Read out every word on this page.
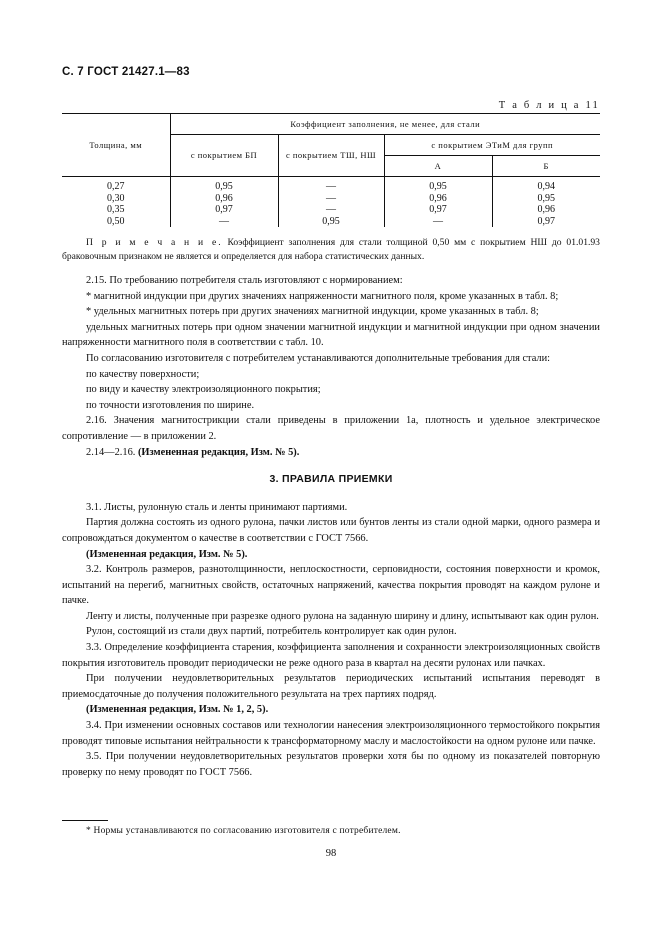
С. 7 ГОСТ 21427.1—83
Т а б л и ц а 11
Толщина, мм	Коэффициент заполнения, не менее, для стали			
	с покрытием БП	с покрытием ТШ, НШ	с покрытием ЭТиМ для групп	
			А	Б
0,27	0,95	—	0,95	0,94
0,30	0,96	—	0,96	0,95
0,35	0,97	—	0,97	0,96
0,50	—	0,95	—	0,97

П р и м е ч а н и е. Коэффициент заполнения для стали толщиной 0,50 мм с покрытием НШ до 01.01.93 браковочным признаком не является и определяется для набора статистических данных.

2.15. По требованию потребителя сталь изготовляют с нормированием:

* магнитной индукции при других значениях напряженности магнитного поля, кроме указанных в табл. 8;

* удельных магнитных потерь при других значениях магнитной индукции, кроме указанных в табл. 8;

удельных магнитных потерь при одном значении магнитной индукции и магнитной индукции при одном значении напряженности магнитного поля в соответствии с табл. 10.

По согласованию изготовителя с потребителем устанавливаются дополнительные требования для стали:

по качеству поверхности;

по виду и качеству электроизоляционного покрытия;

по точности изготовления по ширине.

2.16. Значения магнитострикции стали приведены в приложении 1а, плотность и удельное электрическое сопротивление — в приложении 2.

2.14—2.16. (Измененная редакция, Изм. № 5).

3. ПРАВИЛА ПРИЕМКИ

3.1. Листы, рулонную сталь и ленты принимают партиями.

Партия должна состоять из одного рулона, пачки листов или бунтов ленты из стали одной марки, одного размера и сопровождаться документом о качестве в соответствии с ГОСТ 7566.

(Измененная редакция, Изм. № 5).

3.2. Контроль размеров, разнотолщинности, неплоскостности, серповидности, состояния поверхности и кромок, испытаний на перегиб, магнитных свойств, остаточных напряжений, качества покрытия проводят на каждом рулоне и пачке.

Ленту и листы, полученные при разрезке одного рулона на заданную ширину и длину, испытывают как один рулон.

Рулон, состоящий из стали двух партий, потребитель контролирует как один рулон.

3.3. Определение коэффициента старения, коэффициента заполнения и сохранности электроизоляционных свойств покрытия изготовитель проводит периодически не реже одного раза в квартал на десяти рулонах или пачках.

При получении неудовлетворительных результатов периодических испытаний испытания переводят в приемосдаточные до получения положительного результата на трех партиях подряд.

(Измененная редакция, Изм. № 1, 2, 5).

3.4. При изменении основных составов или технологии нанесения электроизоляционного термостойкого покрытия проводят типовые испытания нейтральности к трансформаторному маслу и маслостойкости на одном рулоне или пачке.

3.5. При получении неудовлетворительных результатов проверки хотя бы по одному из показателей повторную проверку по нему проводят по ГОСТ 7566.

* Нормы устанавливаются по согласованию изготовителя с потребителем.
98
